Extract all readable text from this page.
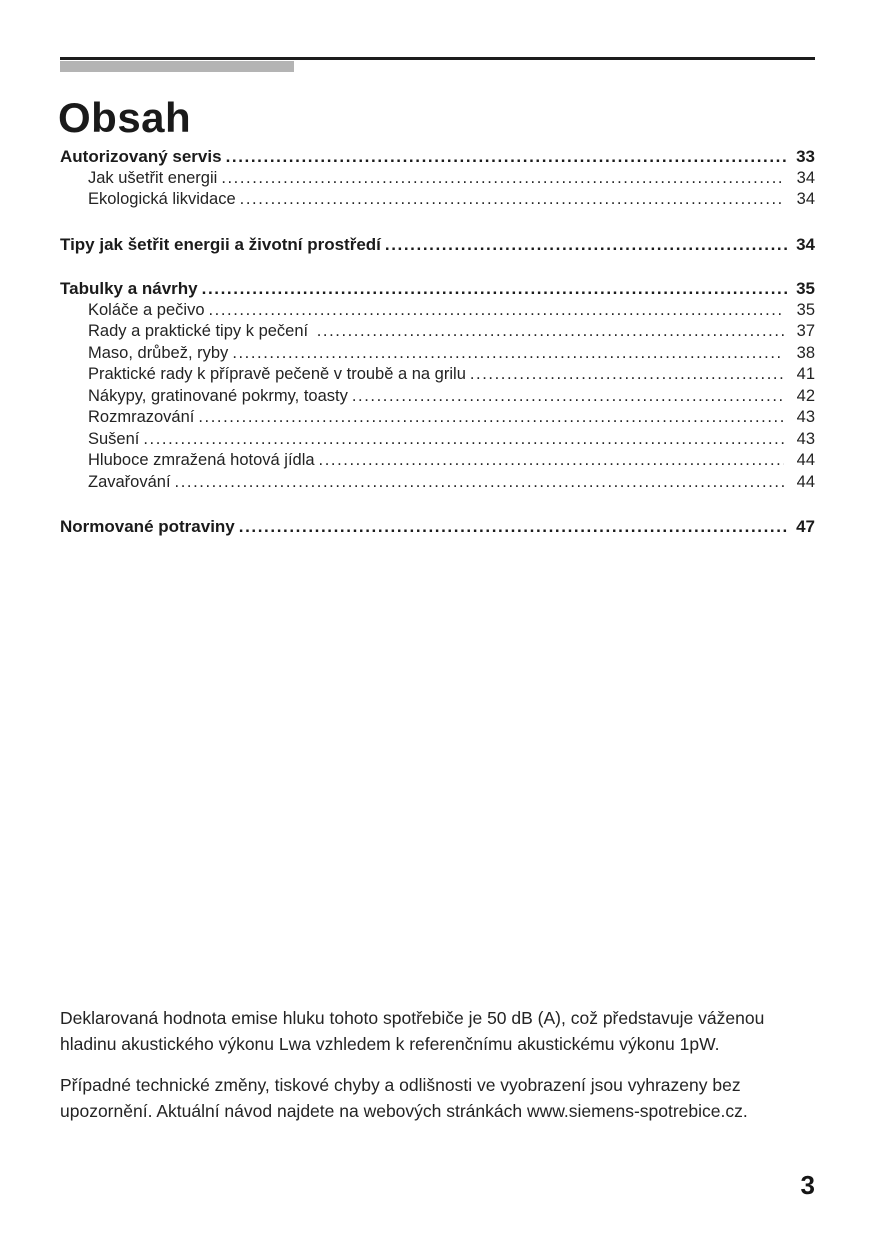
Obsah
Autorizovaný servis .....	33
Jak ušetřit energii .....	34
Ekologická likvidace .....	34
Tipy jak šetřit energii a životní prostředí .....	34
Tabulky a návrhy .....	35
Koláče a pečivo .....	35
Rady a praktické tipy k pečení .....	37
Maso, drůbež, ryby .....	38
Praktické rady k přípravě pečeně v troubě a na grilu .....	41
Nákypy, gratinované pokrmy, toasty .....	42
Rozmrazování .....	43
Sušení .....	43
Hluboce zmražená hotová jídla .....	44
Zavařování .....	44
Normované potraviny .....	47

Deklarovaná hodnota emise hluku tohoto spotřebiče je 50 dB (A), což představuje váženou hladinu akustického výkonu Lwa vzhledem k referenčnímu akustickému výkonu 1pW.

Případné technické změny, tiskové chyby a odlišnosti ve vyobrazení jsou vyhrazeny bez upozornění. Aktuální návod najdete na webových stránkách www.siemens-spotrebice.cz.

3
